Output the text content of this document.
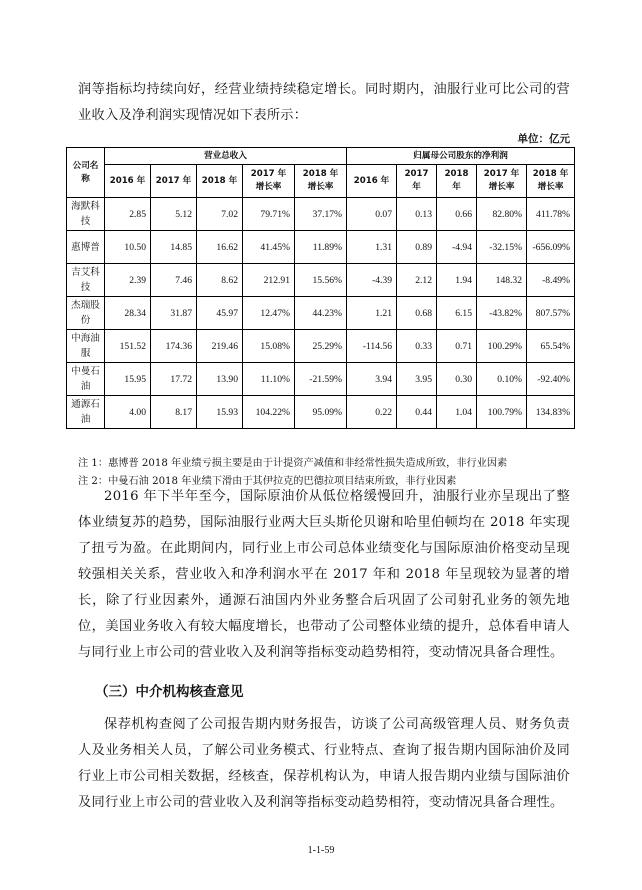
润等指标均持续向好，经营业绩持续稳定增长。同时期内，油服行业可比公司的营业收入及净利润实现情况如下表所示：
单位：亿元
公司名称	营业总收入					归属母公司股东的净利润				
	2016 年	2017 年	2018 年	2017 年增长率	2018 年增长率	2016 年	2017 年	2018 年	2017 年增长率	2018 年增长率
海默科技	2.85	5.12	7.02	79.71%	37.17%	0.07	0.13	0.66	82.80%	411.78%
惠博普	10.50	14.85	16.62	41.45%	11.89%	1.31	0.89	-4.94	-32.15%	-656.09%
吉艾科技	2.39	7.46	8.62	212.91	15.56%	-4.39	2.12	1.94	148.32	-8.49%
杰瑞股份	28.34	31.87	45.97	12.47%	44.23%	1.21	0.68	6.15	-43.82%	807.57%
中海油服	151.52	174.36	219.46	15.08%	25.29%	-114.56	0.33	0.71	100.29%	65.54%
中曼石油	15.95	17.72	13.90	11.10%	-21.59%	3.94	3.95	0.30	0.10%	-92.40%
通源石油	4.00	8.17	15.93	104.22%	95.09%	0.22	0.44	1.04	100.79%	134.83%
注 1：惠博普 2018 年业绩亏损主要是由于计提资产减值和非经常性损失造成所致，非行业因素
注 2：中曼石油 2018 年业绩下滑由于其伊拉克的巴德拉项目结束所致，非行业因素
2016 年下半年至今，国际原油价从低位格缓慢回升，油服行业亦呈现出了整体业绩复苏的趋势，国际油服行业两大巨头斯伦贝谢和哈里伯顿均在 2018 年实现了扭亏为盈。在此期间内，同行业上市公司总体业绩变化与国际原油价格变动呈现较强相关关系，营业收入和净利润水平在 2017 年和 2018 年呈现较为显著的增长，除了行业因素外，通源石油国内外业务整合后巩固了公司射孔业务的领先地位，美国业务收入有较大幅度增长，也带动了公司整体业绩的提升，总体看申请人与同行业上市公司的营业收入及利润等指标变动趋势相符，变动情况具备合理性。
（三）中介机构核查意见
保荐机构查阅了公司报告期内财务报告，访谈了公司高级管理人员、财务负责人及业务相关人员，了解公司业务模式、行业特点、查询了报告期内国际油价及同行业上市公司相关数据，经核查，保荐机构认为，申请人报告期内业绩与国际油价及同行业上市公司的营业收入及利润等指标变动趋势相符，变动情况具备合理性。
1-1-59
